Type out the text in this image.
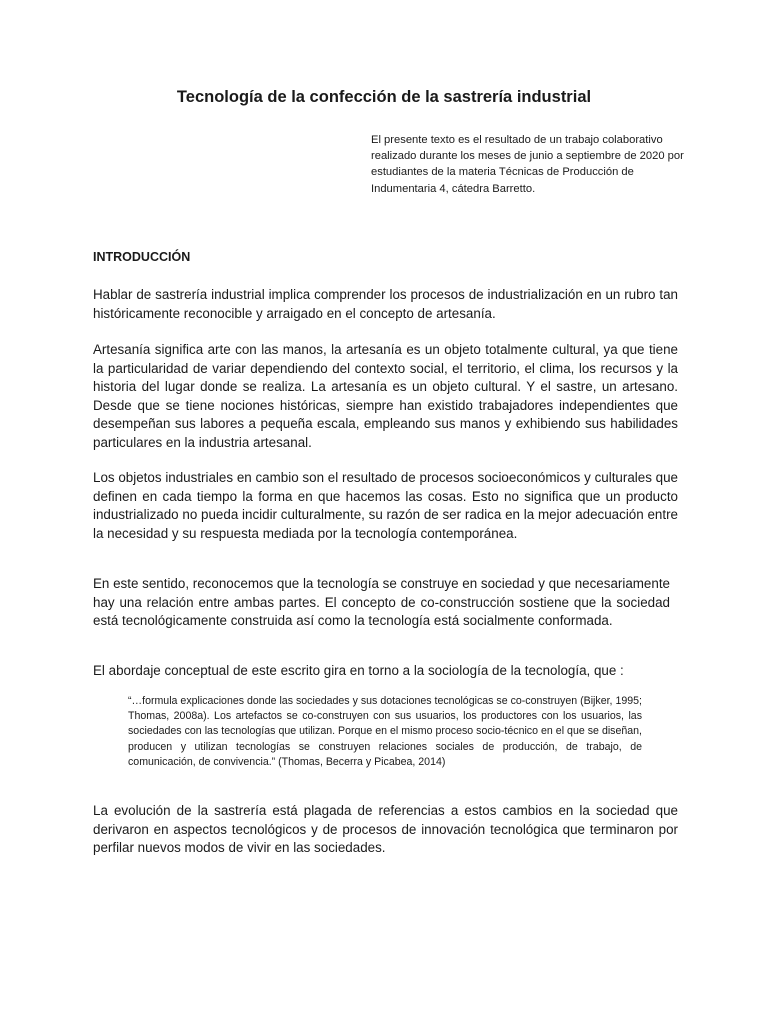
Tecnología de la confección de la sastrería industrial

El presente texto es el resultado de un trabajo colaborativo realizado durante los meses de junio a septiembre de 2020 por estudiantes de la materia Técnicas de Producción de Indumentaria 4, cátedra Barretto.

INTRODUCCIÓN

Hablar de sastrería industrial implica comprender los procesos de industrialización en un rubro tan históricamente reconocible y arraigado en el concepto de artesanía.

Artesanía significa arte con las manos, la artesanía es un objeto totalmente cultural, ya que tiene la particularidad de variar dependiendo del contexto social, el territorio, el clima, los recursos y la historia del lugar donde se realiza. La artesanía es un objeto cultural. Y el sastre, un artesano. Desde que se tiene nociones históricas, siempre han existido trabajadores independientes que desempeñan sus labores a pequeña escala, empleando sus manos y exhibiendo sus habilidades particulares en la industria artesanal.

Los objetos industriales en cambio son el resultado de procesos socioeconómicos y culturales que definen en cada tiempo la forma en que hacemos las cosas. Esto no significa que un producto industrializado no pueda incidir culturalmente, su razón de ser radica en la mejor adecuación entre la necesidad y su respuesta mediada por la tecnología contemporánea.

En este sentido, reconocemos que la tecnología se construye en sociedad y que necesariamente hay una relación entre ambas partes. El concepto de co-construcción sostiene que la sociedad está tecnológicamente construida así como la tecnología está socialmente conformada.

El abordaje conceptual de este escrito gira en torno a la sociología de la tecnología, que :

“…formula explicaciones donde las sociedades y sus dotaciones tecnológicas se co-construyen (Bijker, 1995; Thomas, 2008a). Los artefactos se co-construyen con sus usuarios, los productores con los usuarios, las sociedades con las tecnologías que utilizan. Porque en el mismo proceso socio-técnico en el que se diseñan, producen y utilizan tecnologías se construyen relaciones sociales de producción, de trabajo, de comunicación, de convivencia.” (Thomas, Becerra y Picabea, 2014)

La evolución de la sastrería está plagada de referencias a estos cambios en la sociedad que derivaron en aspectos tecnológicos y de procesos de innovación tecnológica que terminaron por perfilar nuevos modos de vivir en las sociedades.
